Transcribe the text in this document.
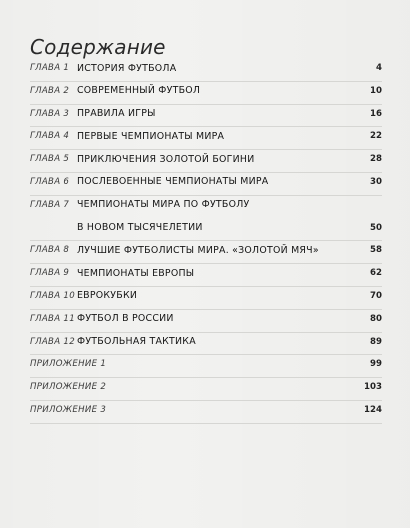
Содержание
ГЛАВА 1 ИСТОРИЯ ФУТБОЛА	4
ГЛАВА 2 СОВРЕМЕННЫЙ ФУТБОЛ	10
ГЛАВА 3 ПРАВИЛА ИГРЫ	16
ГЛАВА 4 ПЕРВЫЕ ЧЕМПИОНАТЫ МИРА	22
ГЛАВА 5 ПРИКЛЮЧЕНИЯ ЗОЛОТОЙ БОГИНИ	28
ГЛАВА 6 ПОСЛЕВОЕННЫЕ ЧЕМПИОНАТЫ МИРА	30
ГЛАВА 7 ЧЕМПИОНАТЫ МИРА ПО ФУТБОЛУ
В НОВОМ ТЫСЯЧЕЛЕТИИ	50
ГЛАВА 8 ЛУЧШИЕ ФУТБОЛИСТЫ МИРА. «ЗОЛОТОЙ МЯЧ»	58
ГЛАВА 9 ЧЕМПИОНАТЫ ЕВРОПЫ	62
ГЛАВА 10 ЕВРОКУБКИ	70
ГЛАВА 11 ФУТБОЛ В РОССИИ	80
ГЛАВА 12 ФУТБОЛЬНАЯ ТАКТИКА	89
ПРИЛОЖЕНИЕ 1	99
ПРИЛОЖЕНИЕ 2	103
ПРИЛОЖЕНИЕ 3	124
